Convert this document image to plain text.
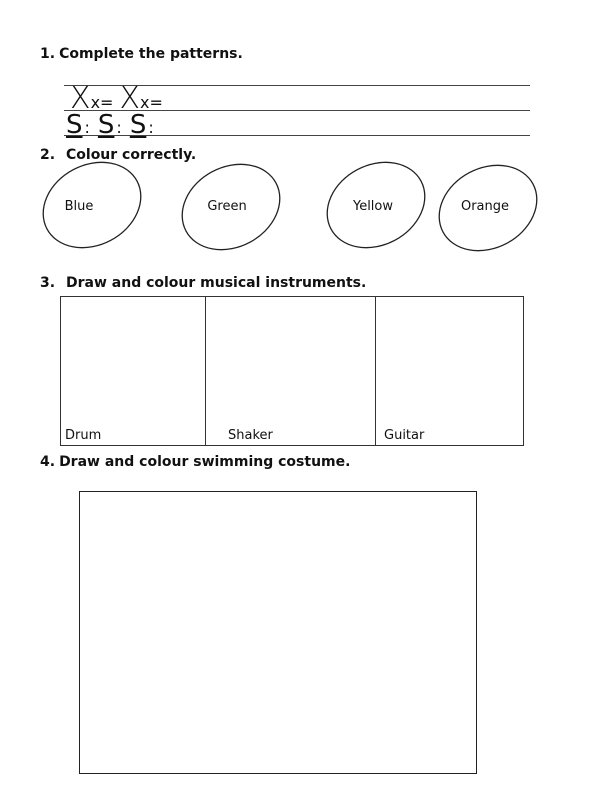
1. Complete the patterns.
Xx= Xx=
S : S : S :
2. Colour correctly.
Blue	Green	Yellow	Orange
3. Draw and colour musical instruments.
Drum	Shaker	Guitar
4. Draw and colour swimming costume.
